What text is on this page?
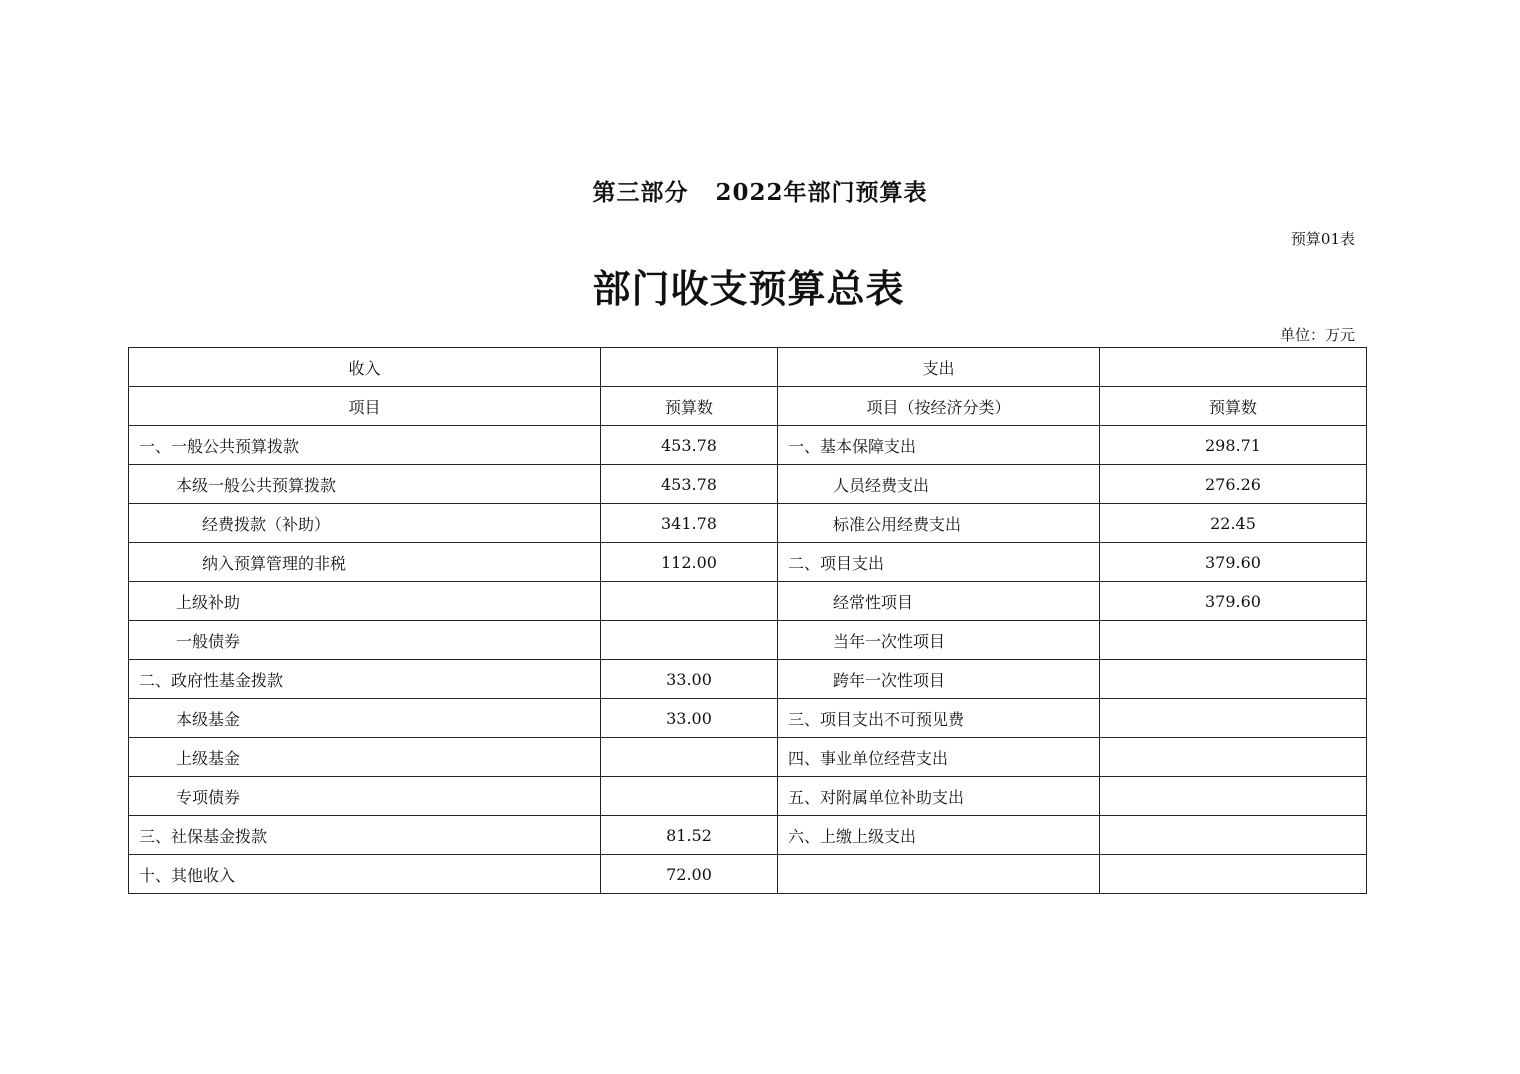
第三部分   2022年部门预算表
预算01表
部门收支预算总表
单位：万元
收入		支出	
项目	预算数	项目（按经济分类）	预算数
一、一般公共预算拨款	453.78	一、基本保障支出	298.71
本级一般公共预算拨款	453.78	人员经费支出	276.26
经费拨款（补助）	341.78	标准公用经费支出	22.45
纳入预算管理的非税	112.00	二、项目支出	379.60
上级补助		经常性项目	379.60
一般债券		当年一次性项目	
二、政府性基金拨款	33.00	跨年一次性项目	
本级基金	33.00	三、项目支出不可预见费	
上级基金		四、事业单位经营支出	
专项债券		五、对附属单位补助支出	
三、社保基金拨款	81.52	六、上缴上级支出	
十、其他收入	72.00		
